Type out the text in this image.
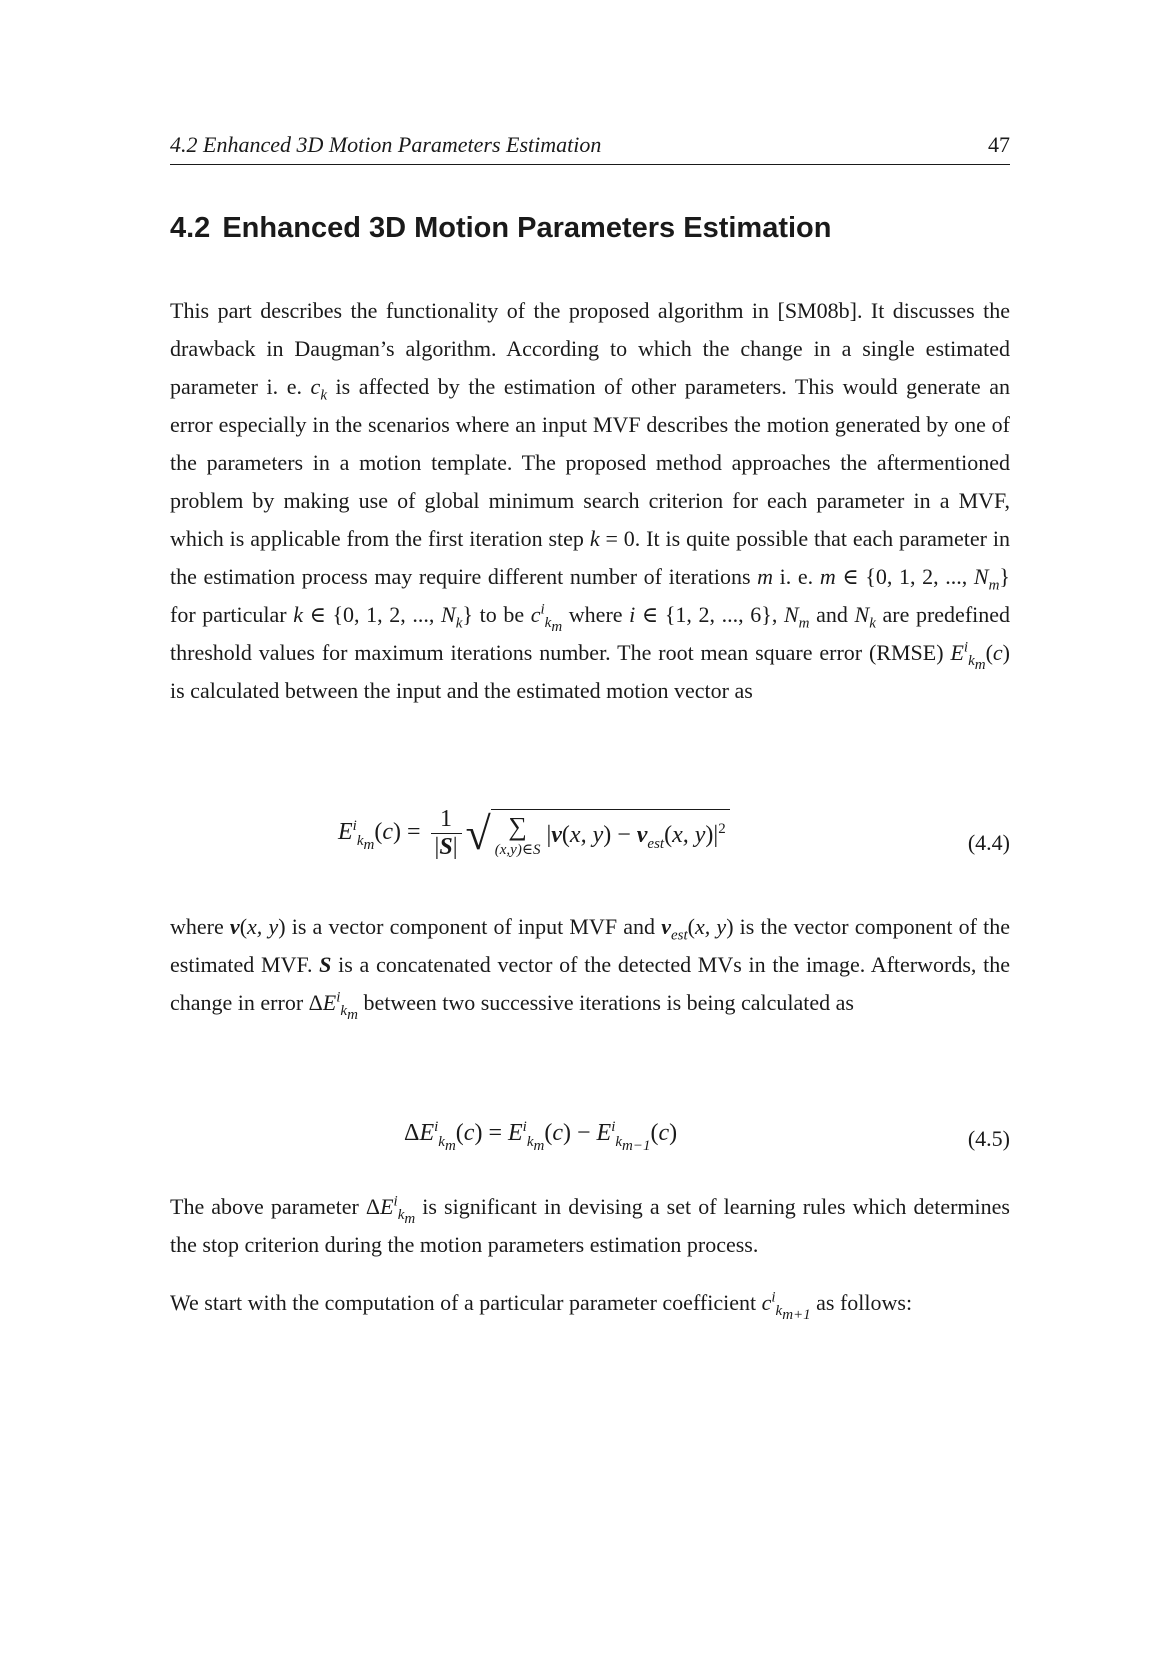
4.2 Enhanced 3D Motion Parameters Estimation	47
4.2 Enhanced 3D Motion Parameters Estimation

This part describes the functionality of the proposed algorithm in [SM08b]. It discusses the drawback in Daugman’s algorithm. According to which the change in a single estimated parameter i. e. $c_k$ is affected by the estimation of other parameters. This would generate an error especially in the scenarios where an input MVF describes the motion generated by one of the parameters in a motion template. The proposed method approaches the aftermentioned problem by making use of global minimum search criterion for each parameter in a MVF, which is applicable from the first iteration step k = 0. It is quite possible that each parameter in the estimation process may require different number of iterations m i. e. m ∈ {0, 1, 2, ..., $N_m$} for particular k ∈ {0, 1, 2, ..., $N_k$} to be $c^i_{k_m}$ where i ∈ {1, 2, ..., 6}, $N_m$ and $N_k$ are predefined threshold values for maximum iterations number. The root mean square error (RMSE) $E^i_{k_m}(c)$ is calculated between the input and the estimated motion vector as

$E^i_{k_m}(c) = \frac{1}{|S|}$ √ ∑
(x,y)∈S
|v(x, $y) - v_{est}(x$, $y)|^2$
(4.4)

where v(x, y) is a vector component of input MVF and $v_{est}(x$, y) is the vector component of the estimated MVF. S is a concatenated vector of the detected MVs in the image. Afterwords, the change in error $\Delta E^i_{k_m}$ between two successive iterations is being calculated as

$\Delta E^i_{k_m}(c) = E^i_{k_m}(c) - E^i_{k_{m-1}}(c)$	(4.5)

The above parameter $\Delta E^i_{k_m}$ is significant in devising a set of learning rules which determines the stop criterion during the motion parameters estimation process.

We start with the computation of a particular parameter coefficient $c^i_{k_{m+1}}$ as follows:
